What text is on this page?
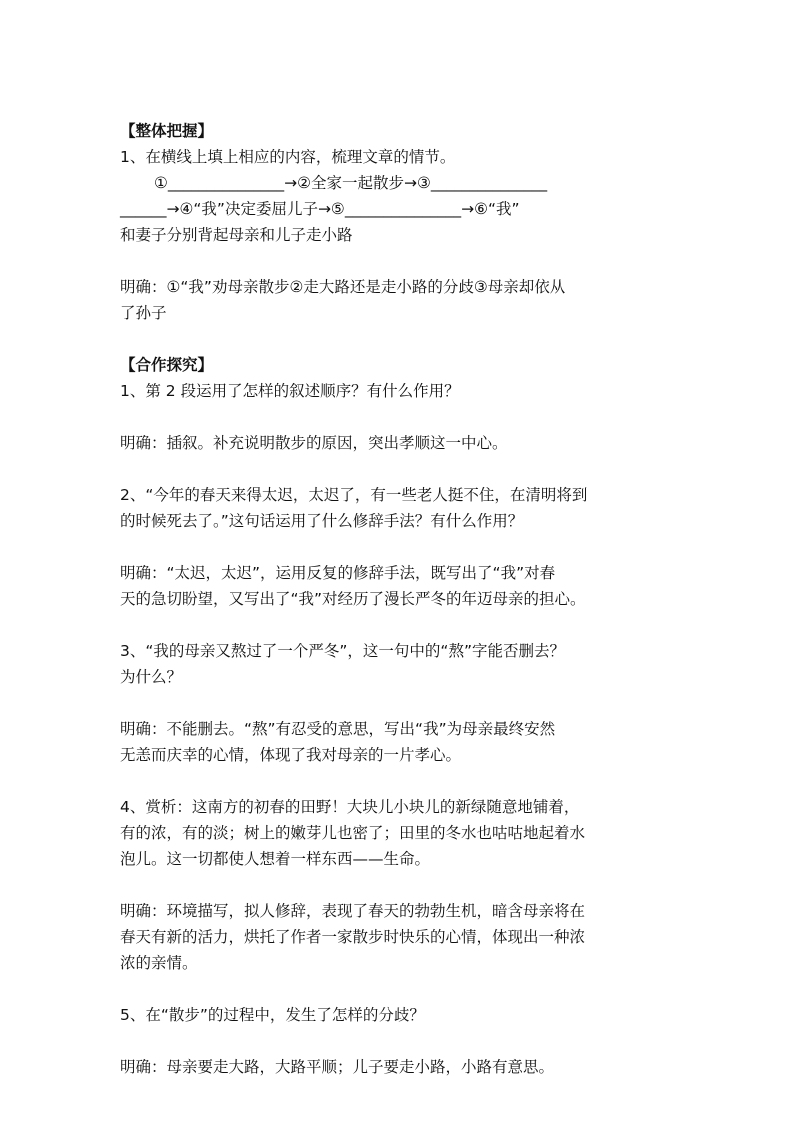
【整体把握】

1、在横线上填上相应的内容，梳理文章的情节。

①_______________→②全家一起散步→③_______________

______→④“我”决定委屈儿子→⑤_______________→⑥“我”

和妻子分别背起母亲和儿子走小路

明确：①“我”劝母亲散步②走大路还是走小路的分歧③母亲却依从

了孙子

【合作探究】

1、第 2 段运用了怎样的叙述顺序？有什么作用？

明确：插叙。补充说明散步的原因，突出孝顺这一中心。

2、“今年的春天来得太迟，太迟了，有一些老人挺不住，在清明将到

的时候死去了。”这句话运用了什么修辞手法？有什么作用？

明确：“太迟，太迟”，运用反复的修辞手法，既写出了“我”对春

天的急切盼望，又写出了“我”对经历了漫长严冬的年迈母亲的担心。

3、“我的母亲又熬过了一个严冬”，这一句中的“熬”字能否删去？

为什么？

明确：不能删去。“熬”有忍受的意思，写出“我”为母亲最终安然

无恙而庆幸的心情，体现了我对母亲的一片孝心。

4、赏析：这南方的初春的田野！大块儿小块儿的新绿随意地铺着，

有的浓，有的淡；树上的嫩芽儿也密了；田里的冬水也咕咕地起着水

泡儿。这一切都使人想着一样东西——生命。

明确：环境描写，拟人修辞，表现了春天的勃勃生机，暗含母亲将在

春天有新的活力，烘托了作者一家散步时快乐的心情，体现出一种浓

浓的亲情。

5、在“散步”的过程中，发生了怎样的分歧？

明确：母亲要走大路，大路平顺；儿子要走小路，小路有意思。
